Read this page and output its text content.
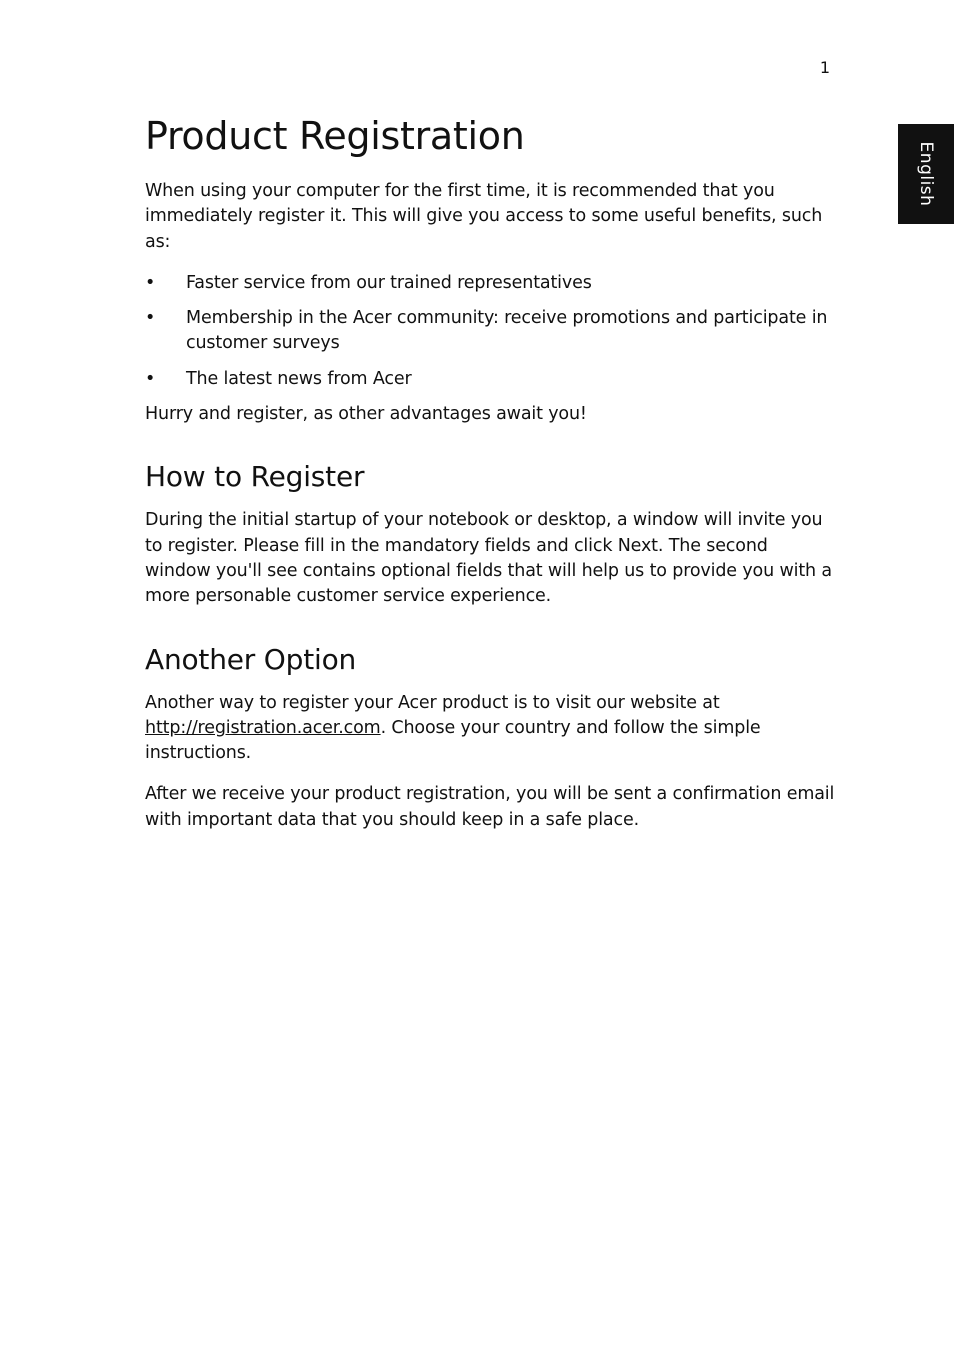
1
English
Product Registration

When using your computer for the first time, it is recommended that you immediately register it. This will give you access to some useful benefits, such as:

• Faster service from our trained representatives
• Membership in the Acer community: receive promotions and participate in customer surveys
• The latest news from Acer

Hurry and register, as other advantages await you!

How to Register

During the initial startup of your notebook or desktop, a window will invite you to register. Please fill in the mandatory fields and click Next. The second window you'll see contains optional fields that will help us to provide you with a more personable customer service experience.

Another Option

Another way to register your Acer product is to visit our website at http://registration.acer.com. Choose your country and follow the simple instructions.

After we receive your product registration, you will be sent a confirmation email with important data that you should keep in a safe place.
